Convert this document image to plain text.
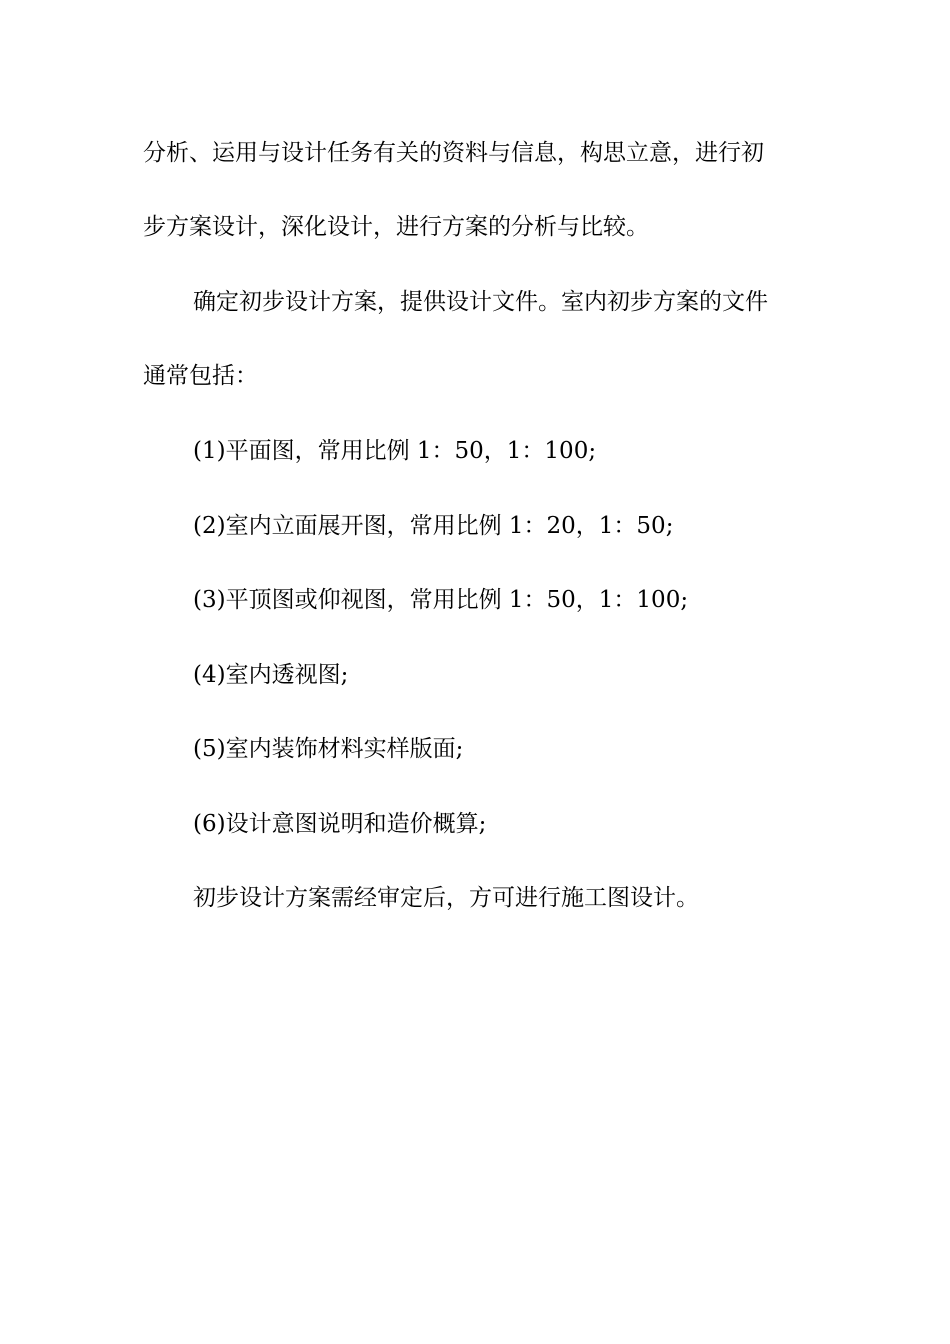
分析、运用与设计任务有关的资料与信息，构思立意，进行初
步方案设计，深化设计，进行方案的分析与比较。
确定初步设计方案，提供设计文件。室内初步方案的文件
通常包括：
(1)平面图，常用比例 1：50，1：100;
(2)室内立面展开图，常用比例 1：20，1：50;
(3)平顶图或仰视图，常用比例 1：50，1：100;
(4)室内透视图;
(5)室内装饰材料实样版面;
(6)设计意图说明和造价概算;
初步设计方案需经审定后，方可进行施工图设计。
